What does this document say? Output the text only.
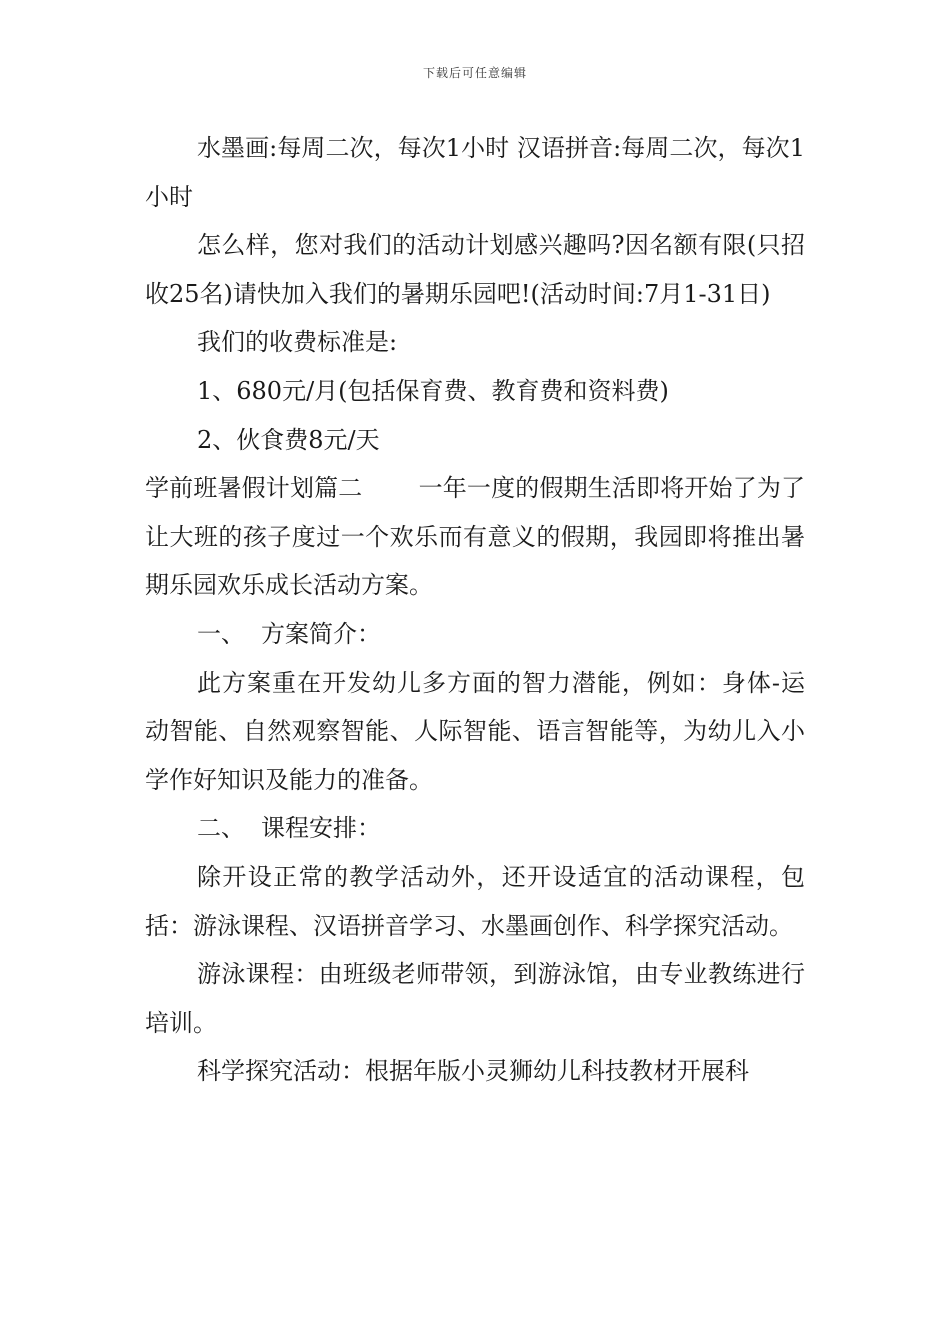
下载后可任意编辑

水墨画:每周二次，每次1小时 汉语拼音:每周二次，每次1小时

怎么样，您对我们的活动计划感兴趣吗?因名额有限(只招收25名)请快加入我们的暑期乐园吧!(活动时间:7月1-31日)

我们的收费标准是:

1、680元/月(包括保育费、教育费和资料费)

2、伙食费8元/天

学前班暑假计划篇二 一年一度的假期生活即将开始了为了让大班的孩子度过一个欢乐而有意义的假期，我园即将推出暑期乐园欢乐成长活动方案。

一、 方案简介：

此方案重在开发幼儿多方面的智力潜能，例如：身体-运动智能、自然观察智能、人际智能、语言智能等，为幼儿入小学作好知识及能力的准备。

二、 课程安排：

除开设正常的教学活动外，还开设适宜的活动课程，包括：游泳课程、汉语拼音学习、水墨画创作、科学探究活动。

游泳课程：由班级老师带领，到游泳馆，由专业教练进行培训。

科学探究活动：根据年版小灵狮幼儿科技教材开展科
